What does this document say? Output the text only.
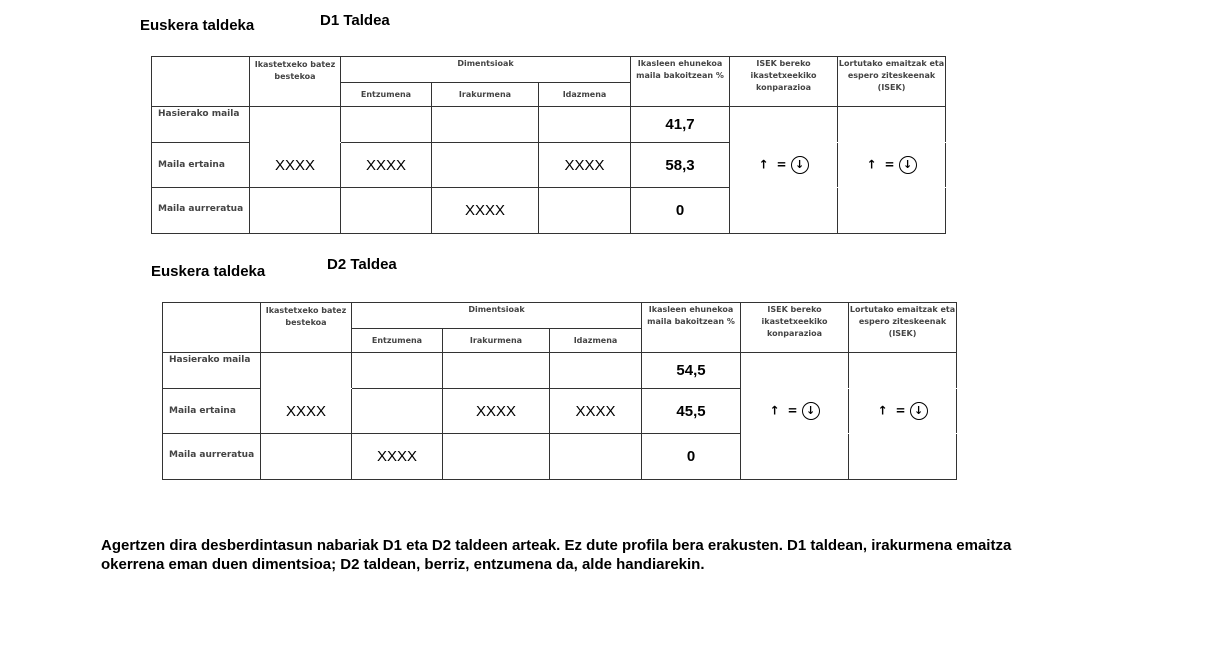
Euskera taldeka	D1 Taldea
	Ikastetxeko batez bestekoa	Dimentsioak			Ikasleen ehunekoa maila bakoitzean %	ISEK bereko ikastetxeekiko konparazioa	Lortutako emaitzak eta espero ziteskeenak (ISEK)
		Entzumena	Irakurmena	Idazmena			
Hasierako maila					41,7		
Maila ertaina	XXXX	XXXX		XXXX	58,3	↑ = ↓	↑ = ↓
Maila aurreratua			XXXX		0		
Euskera taldeka	D2 Taldea
	Ikastetxeko batez bestekoa	Dimentsioak			Ikasleen ehunekoa maila bakoitzean %	ISEK bereko ikastetxeekiko konparazioa	Lortutako emaitzak eta espero ziteskeenak (ISEK)
		Entzumena	Irakurmena	Idazmena			
Hasierako maila					54,5		
Maila ertaina	XXXX		XXXX	XXXX	45,5	↑ = ↓	↑ = ↓
Maila aurreratua		XXXX			0		
Agertzen dira desberdintasun nabariak D1 eta D2 taldeen arteak. Ez dute profila bera erakusten. D1 taldean, irakurmena emaitza okerrena eman duen dimentsioa; D2 taldean, berriz, entzumena da, alde handiarekin.
